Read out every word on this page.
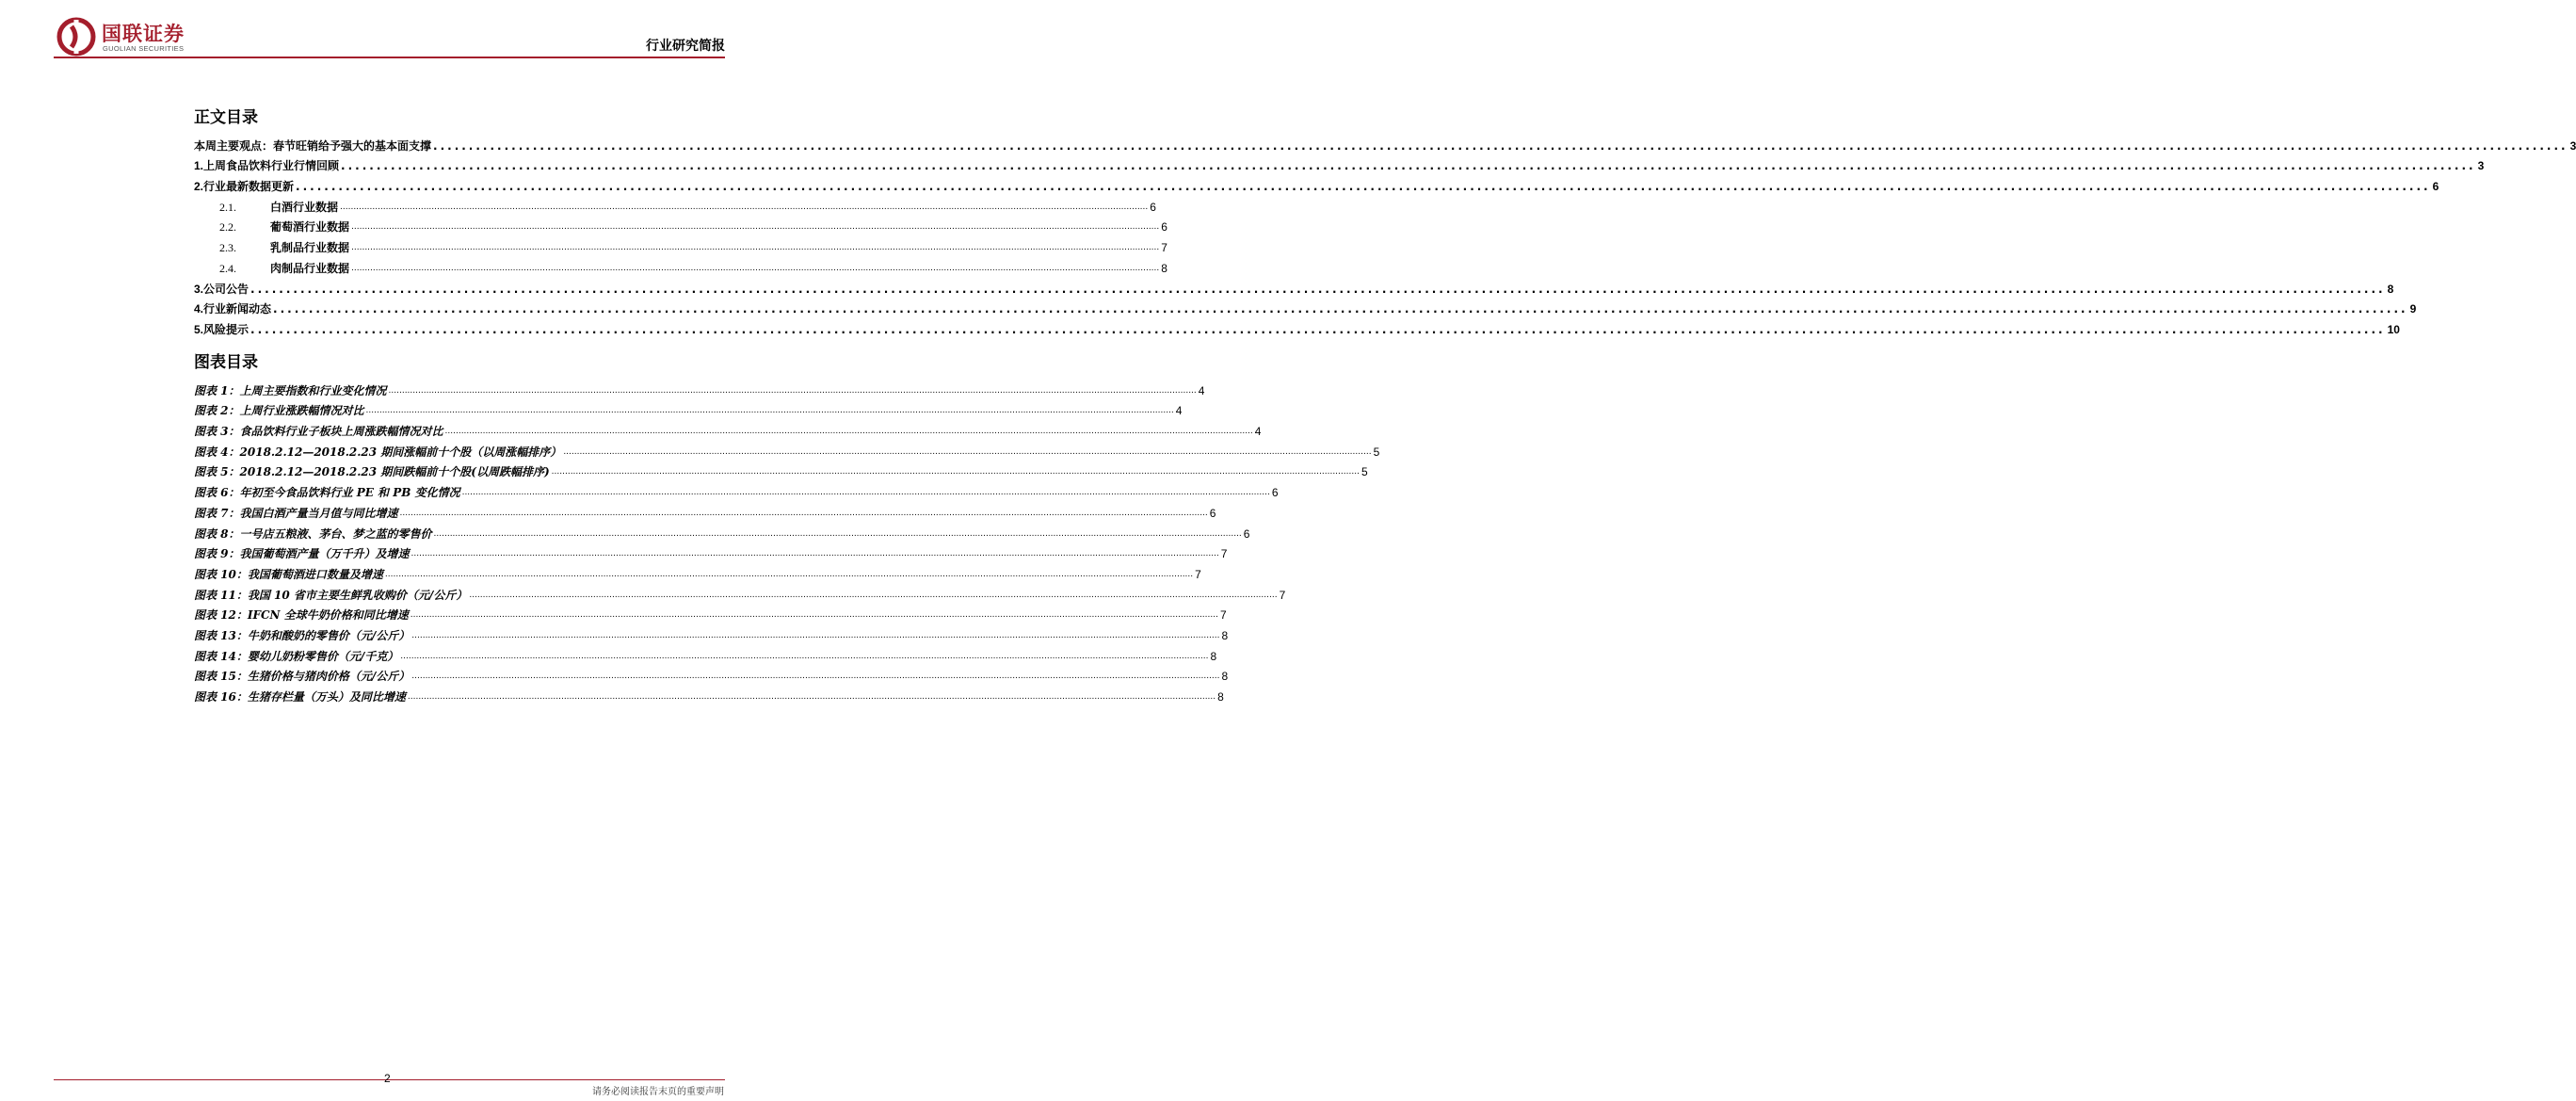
国联证券
GUOLIAN SECURITIES	行业研究简报
正文目录
本周主要观点：春节旺销给予强大的基本面支撑 ............................................................................................................................................................................................................................................................................................................ 3
1. 上周食品饮料行业行情回顾 ............................................................................................................................................................................................................................................................................................................ 3
2. 行业最新数据更新 ............................................................................................................................................................................................................................................................................................................ 6
2.1.	白酒行业数据 ............................................................................................................................................................................................................................................................................................................ 6
2.2.	葡萄酒行业数据 ............................................................................................................................................................................................................................................................................................................ 6
2.3.	乳制品行业数据 ............................................................................................................................................................................................................................................................................................................ 7
2.4.	肉制品行业数据 ............................................................................................................................................................................................................................................................................................................ 8
3. 公司公告 ............................................................................................................................................................................................................................................................................................................ 8
4. 行业新闻动态 ............................................................................................................................................................................................................................................................................................................ 9
5. 风险提示 ............................................................................................................................................................................................................................................................................................................ 10
图表目录
图表 1：上周主要指数和行业变化情况 ............................................................................................................................................................................................................................................................................................................ 4
图表 2：上周行业涨跌幅情况对比 ............................................................................................................................................................................................................................................................................................................ 4
图表 3：食品饮料行业子板块上周涨跌幅情况对比 ............................................................................................................................................................................................................................................................................................................ 4
图表 4：2018.2.12—2018.2.23 期间涨幅前十个股（以周涨幅排序） ............................................................................................................................................................................................................................................................................................................ 5
图表 5：2018.2.12—2018.2.23 期间跌幅前十个股(以周跌幅排序) ............................................................................................................................................................................................................................................................................................................ 5
图表 6：年初至今食品饮料行业 PE 和 PB 变化情况 ............................................................................................................................................................................................................................................................................................................ 6
图表 7：我国白酒产量当月值与同比增速 ............................................................................................................................................................................................................................................................................................................ 6
图表 8：一号店五粮液、茅台、梦之蓝的零售价 ............................................................................................................................................................................................................................................................................................................ 6
图表 9：我国葡萄酒产量（万千升）及增速 ............................................................................................................................................................................................................................................................................................................ 7
图表 10：我国葡萄酒进口数量及增速 ............................................................................................................................................................................................................................................................................................................ 7
图表 11：我国 10 省市主要生鲜乳收购价（元/公斤） ............................................................................................................................................................................................................................................................................................................ 7
图表 12：IFCN 全球牛奶价格和同比增速 ............................................................................................................................................................................................................................................................................................................ 7
图表 13：牛奶和酸奶的零售价（元/公斤） ............................................................................................................................................................................................................................................................................................................ 8
图表 14：婴幼儿奶粉零售价（元/千克） ............................................................................................................................................................................................................................................................................................................ 8
图表 15：生猪价格与猪肉价格（元/公斤） ............................................................................................................................................................................................................................................................................................................ 8
图表 16：生猪存栏量（万头）及同比增速 ............................................................................................................................................................................................................................................................................................................ 8
2
请务必阅读报告末页的重要声明
